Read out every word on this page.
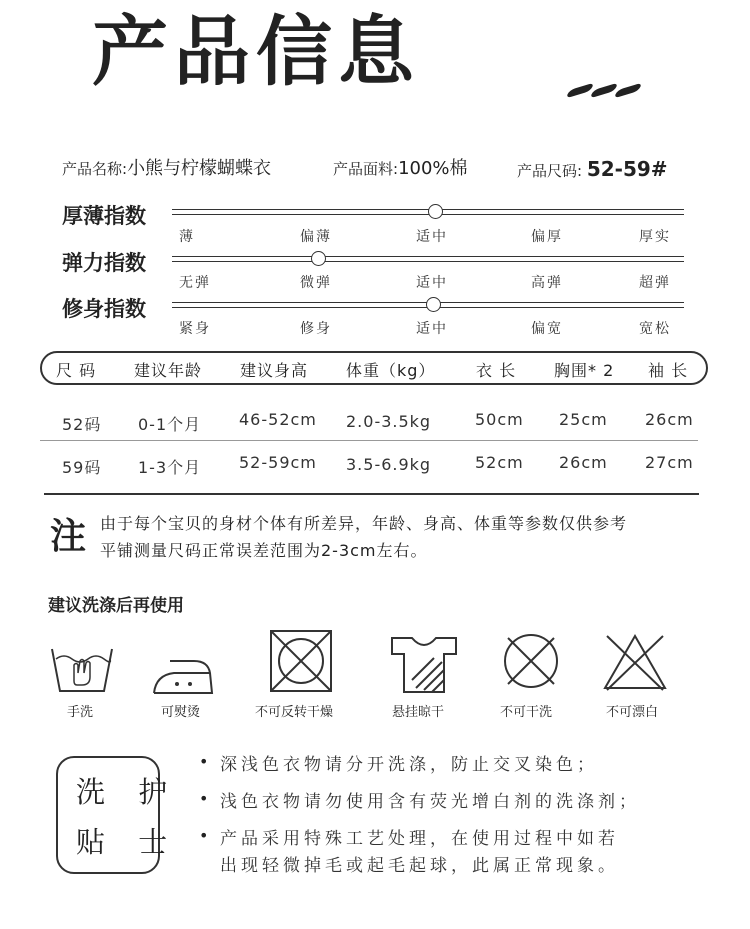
产品信息
产品名称:小熊与柠檬蝴蝶衣	产品面料:100%棉	产品尺码: 52-59#
厚薄指数
薄	偏薄	适中	偏厚	厚实
弹力指数
无弹	微弹	适中	高弹	超弹
修身指数
紧身	修身	适中	偏宽	宽松
尺 码 建议年龄 建议身高 体重（kg）	衣 长 胸围* 2 袖 长
52码 0-1个月 46-52cm 2.0-3.5kg	50cm 25cm 26cm
59码 1-3个月 52-59cm 3.5-6.9kg	52cm 26cm 27cm
注 由于每个宝贝的身材个体有所差异，年龄、身高、体重等参数仅供参考
平铺测量尺码正常误差范围为2-3cm左右。
建议洗涤后再使用
手洗	可熨烫	不可反转干燥	悬挂晾干	不可干洗	不可漂白
洗 护
贴 士
• 深浅色衣物请分开洗涤，防止交叉染色；
• 浅色衣物请勿使用含有荧光增白剂的洗涤剂；
• 产品采用特殊工艺处理，在使用过程中如若
出现轻微掉毛或起毛起球，此属正常现象。
